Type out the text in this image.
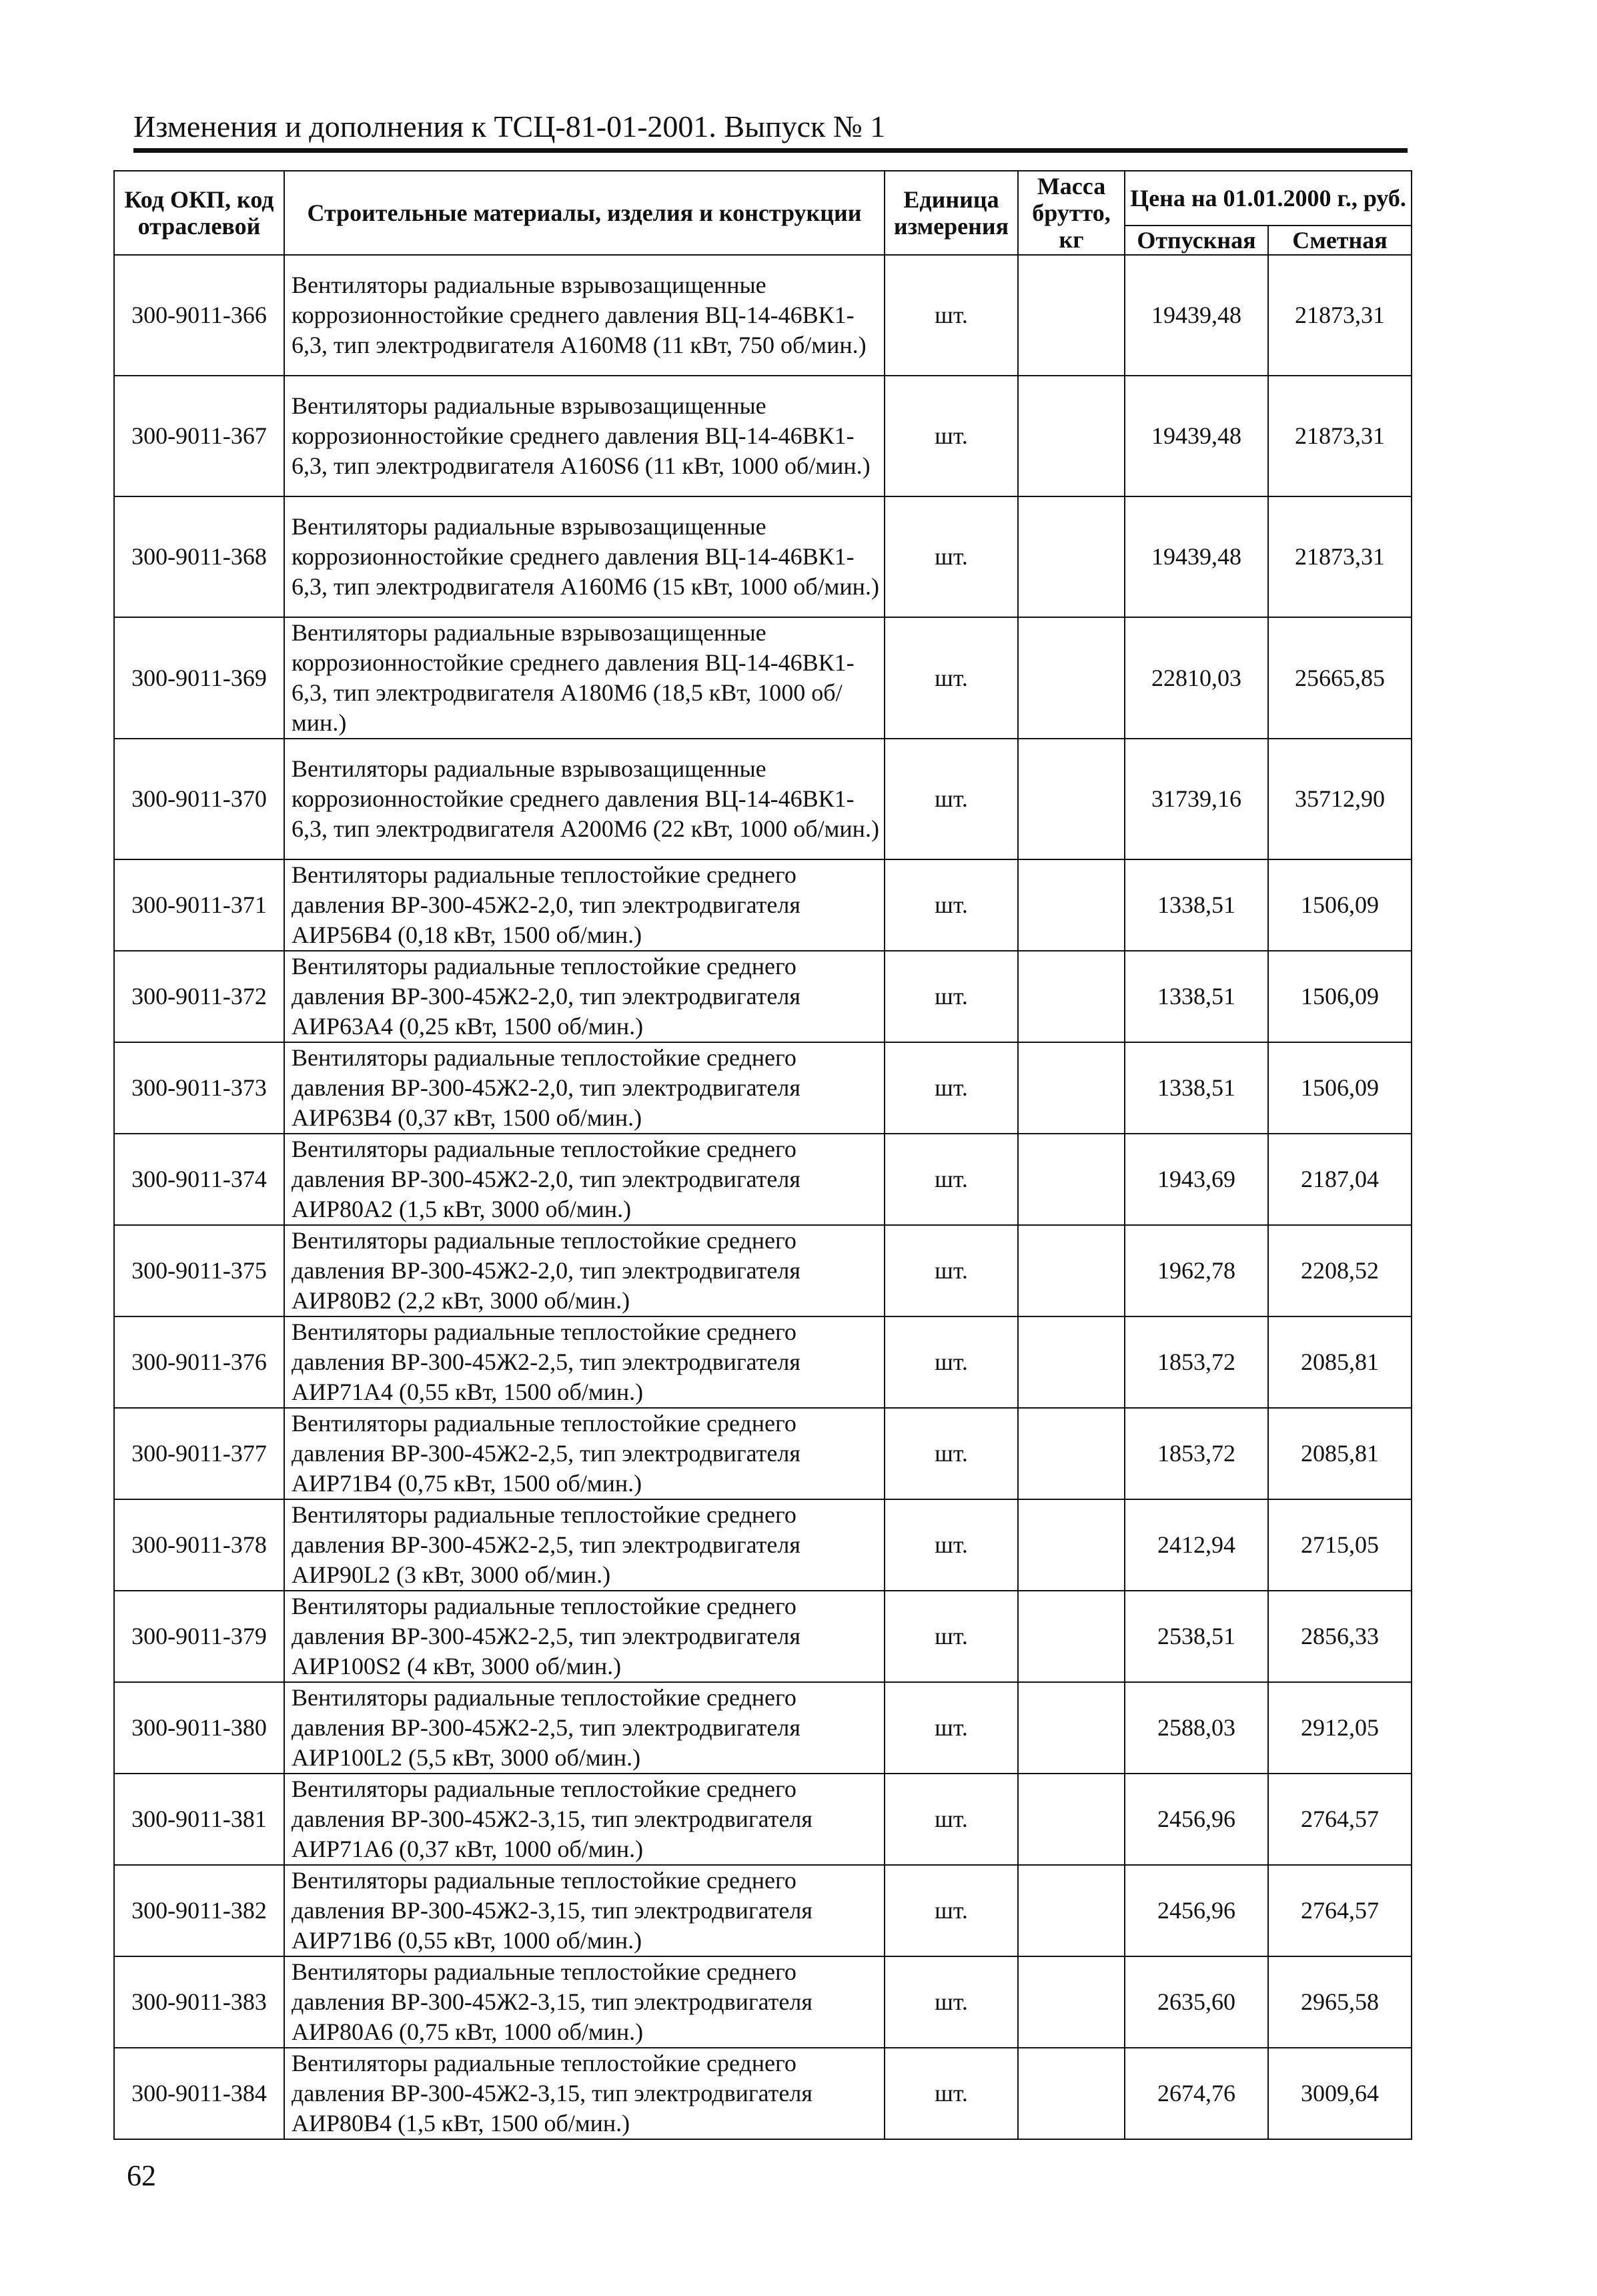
Изменения и дополнения к ТСЦ-81-01-2001. Выпуск № 1
Код ОКП, код отраслевой	Строительные материалы, изделия и конструкции	Единица измерения	Масса брутто, кг	Цена на 01.01.2000 г., руб.	
				Отпускная	Сметная
300-9011-366	Вентиляторы радиальные взрывозащищенные коррозионностойкие среднего давления ВЦ-14-46ВК1-6,3, тип электродвигателя А160М8 (11 кВт, 750 об/мин.)	шт.		19439,48	21873,31
300-9011-367	Вентиляторы радиальные взрывозащищенные коррозионностойкие среднего давления ВЦ-14-46ВК1-6,3, тип электродвигателя А160S6 (11 кВт, 1000 об/мин.)	шт.		19439,48	21873,31
300-9011-368	Вентиляторы радиальные взрывозащищенные коррозионностойкие среднего давления ВЦ-14-46ВК1-6,3, тип электродвигателя А160М6 (15 кВт, 1000 об/мин.)	шт.		19439,48	21873,31
300-9011-369	Вентиляторы радиальные взрывозащищенные коррозионностойкие среднего давления ВЦ-14-46ВК1-6,3, тип электродвигателя А180М6 (18,5 кВт, 1000 об/мин.)	шт.		22810,03	25665,85
300-9011-370	Вентиляторы радиальные взрывозащищенные коррозионностойкие среднего давления ВЦ-14-46ВК1-6,3, тип электродвигателя А200М6 (22 кВт, 1000 об/мин.)	шт.		31739,16	35712,90
300-9011-371	Вентиляторы радиальные теплостойкие среднего давления ВР-300-45Ж2-2,0, тип электродвигателя АИР56В4 (0,18 кВт, 1500 об/мин.)	шт.		1338,51	1506,09
300-9011-372	Вентиляторы радиальные теплостойкие среднего давления ВР-300-45Ж2-2,0, тип электродвигателя АИР63А4 (0,25 кВт, 1500 об/мин.)	шт.		1338,51	1506,09
300-9011-373	Вентиляторы радиальные теплостойкие среднего давления ВР-300-45Ж2-2,0, тип электродвигателя АИР63В4 (0,37 кВт, 1500 об/мин.)	шт.		1338,51	1506,09
300-9011-374	Вентиляторы радиальные теплостойкие среднего давления ВР-300-45Ж2-2,0, тип электродвигателя АИР80А2 (1,5 кВт, 3000 об/мин.)	шт.		1943,69	2187,04
300-9011-375	Вентиляторы радиальные теплостойкие среднего давления ВР-300-45Ж2-2,0, тип электродвигателя АИР80В2 (2,2 кВт, 3000 об/мин.)	шт.		1962,78	2208,52
300-9011-376	Вентиляторы радиальные теплостойкие среднего давления ВР-300-45Ж2-2,5, тип электродвигателя АИР71А4 (0,55 кВт, 1500 об/мин.)	шт.		1853,72	2085,81
300-9011-377	Вентиляторы радиальные теплостойкие среднего давления ВР-300-45Ж2-2,5, тип электродвигателя АИР71В4 (0,75 кВт, 1500 об/мин.)	шт.		1853,72	2085,81
300-9011-378	Вентиляторы радиальные теплостойкие среднего давления ВР-300-45Ж2-2,5, тип электродвигателя АИР90L2 (3 кВт, 3000 об/мин.)	шт.		2412,94	2715,05
300-9011-379	Вентиляторы радиальные теплостойкие среднего давления ВР-300-45Ж2-2,5, тип электродвигателя АИР100S2 (4 кВт, 3000 об/мин.)	шт.		2538,51	2856,33
300-9011-380	Вентиляторы радиальные теплостойкие среднего давления ВР-300-45Ж2-2,5, тип электродвигателя АИР100L2 (5,5 кВт, 3000 об/мин.)	шт.		2588,03	2912,05
300-9011-381	Вентиляторы радиальные теплостойкие среднего давления ВР-300-45Ж2-3,15, тип электродвигателя АИР71А6 (0,37 кВт, 1000 об/мин.)	шт.		2456,96	2764,57
300-9011-382	Вентиляторы радиальные теплостойкие среднего давления ВР-300-45Ж2-3,15, тип электродвигателя АИР71В6 (0,55 кВт, 1000 об/мин.)	шт.		2456,96	2764,57
300-9011-383	Вентиляторы радиальные теплостойкие среднего давления ВР-300-45Ж2-3,15, тип электродвигателя АИР80А6 (0,75 кВт, 1000 об/мин.)	шт.		2635,60	2965,58
300-9011-384	Вентиляторы радиальные теплостойкие среднего давления ВР-300-45Ж2-3,15, тип электродвигателя АИР80В4 (1,5 кВт, 1500 об/мин.)	шт.		2674,76	3009,64
62
